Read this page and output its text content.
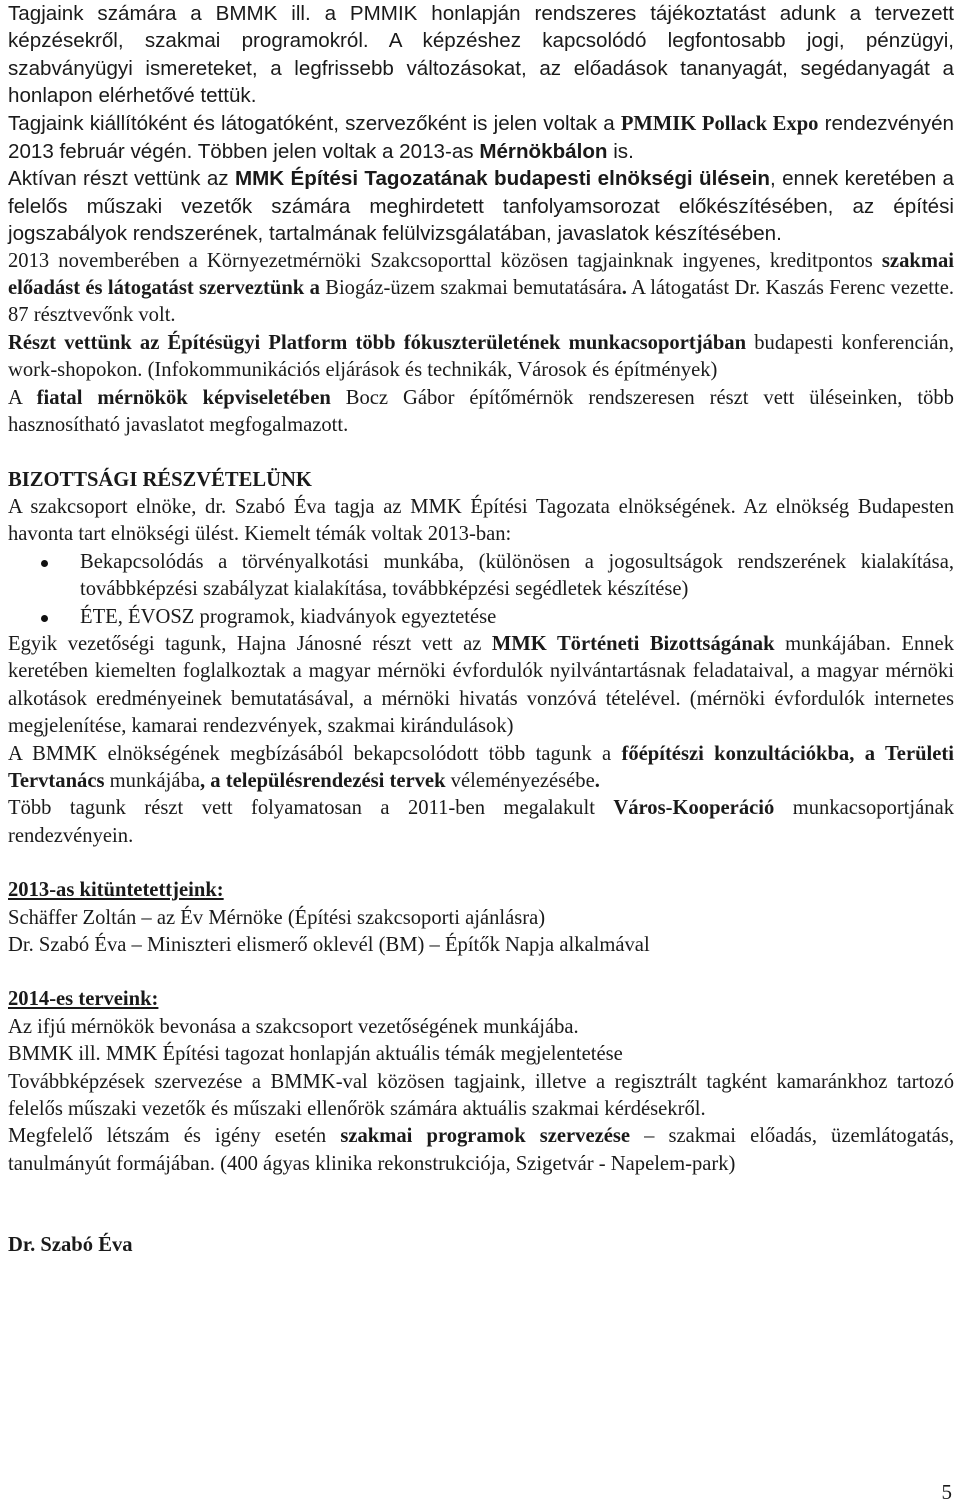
Tagjaink számára a BMMK ill. a PMMIK honlapján rendszeres tájékoztatást adunk a tervezett képzésekről, szakmai programokról. A képzéshez kapcsolódó legfontosabb jogi, pénzügyi, szabványügyi ismereteket, a legfrissebb változásokat, az előadások tananyagát, segédanyagát a honlapon elérhetővé tettük.

Tagjaink kiállítóként és látogatóként, szervezőként is jelen voltak a PMMIK Pollack Expo rendezvényén 2013 február végén. Többen jelen voltak a 2013-as Mérnökbálon is.

Aktívan részt vettünk az MMK Építési Tagozatának budapesti elnökségi ülésein, ennek keretében a felelős műszaki vezetők számára meghirdetett tanfolyamsorozat előkészítésében, az építési jogszabályok rendszerének, tartalmának felülvizsgálatában, javaslatok készítésében.

2013 novemberében a Környezetmérnöki Szakcsoporttal közösen tagjainknak ingyenes, kreditpontos szakmai előadást és látogatást szerveztünk a Biogáz-üzem szakmai bemutatására. A látogatást Dr. Kaszás Ferenc vezette. 87 résztvevőnk volt.

Részt vettünk az Építésügyi Platform több fókuszterületének munkacsoportjában budapesti konferencián, work-shopokon. (Infokommunikációs eljárások és technikák, Városok és építmények)

A fiatal mérnökök képviseletében Bocz Gábor építőmérnök rendszeresen részt vett üléseinken, több hasznosítható javaslatot megfogalmazott.

BIZOTTSÁGI RÉSZVÉTELÜNK

A szakcsoport elnöke, dr. Szabó Éva tagja az MMK Építési Tagozata elnökségének. Az elnökség Budapesten havonta tart elnökségi ülést. Kiemelt témák voltak 2013-ban:

Bekapcsolódás a törvényalkotási munkába, (különösen a jogosultságok rendszerének kialakítása, továbbképzési szabályzat kialakítása, továbbképzési segédletek készítése)
ÉTE, ÉVOSZ programok, kiadványok egyeztetése

Egyik vezetőségi tagunk, Hajna Jánosné részt vett az MMK Történeti Bizottságának munkájában. Ennek keretében kiemelten foglalkoztak a magyar mérnöki évfordulók nyilvántartásnak feladataival, a magyar mérnöki alkotások eredményeinek bemutatásával, a mérnöki hivatás vonzóvá tételével. (mérnöki évfordulók internetes megjelenítése, kamarai rendezvények, szakmai kirándulások)

A BMMK elnökségének megbízásából bekapcsolódott több tagunk a főépítészi konzultációkba, a Területi Tervtanács munkájába, a településrendezési tervek véleményezésébe.

Több tagunk részt vett folyamatosan a 2011-ben megalakult Város-Kooperáció munkacsoportjának rendezvényein.

2013-as kitüntetettjeink:

Schäffer Zoltán – az Év Mérnöke (Építési szakcsoporti ajánlásra)

Dr. Szabó Éva – Miniszteri elismerő oklevél (BM) – Építők Napja alkalmával

2014-es terveink:

Az ifjú mérnökök bevonása a szakcsoport vezetőségének munkájába.

BMMK ill. MMK Építési tagozat honlapján aktuális témák megjelentetése

Továbbképzések szervezése a BMMK-val közösen tagjaink, illetve a regisztrált tagként kamaránkhoz tartozó felelős műszaki vezetők és műszaki ellenőrök számára aktuális szakmai kérdésekről.

Megfelelő létszám és igény esetén szakmai programok szervezése – szakmai előadás, üzemlátogatás, tanulmányút formájában. (400 ágyas klinika rekonstrukciója, Szigetvár - Napelem-park)

Dr. Szabó Éva

5
